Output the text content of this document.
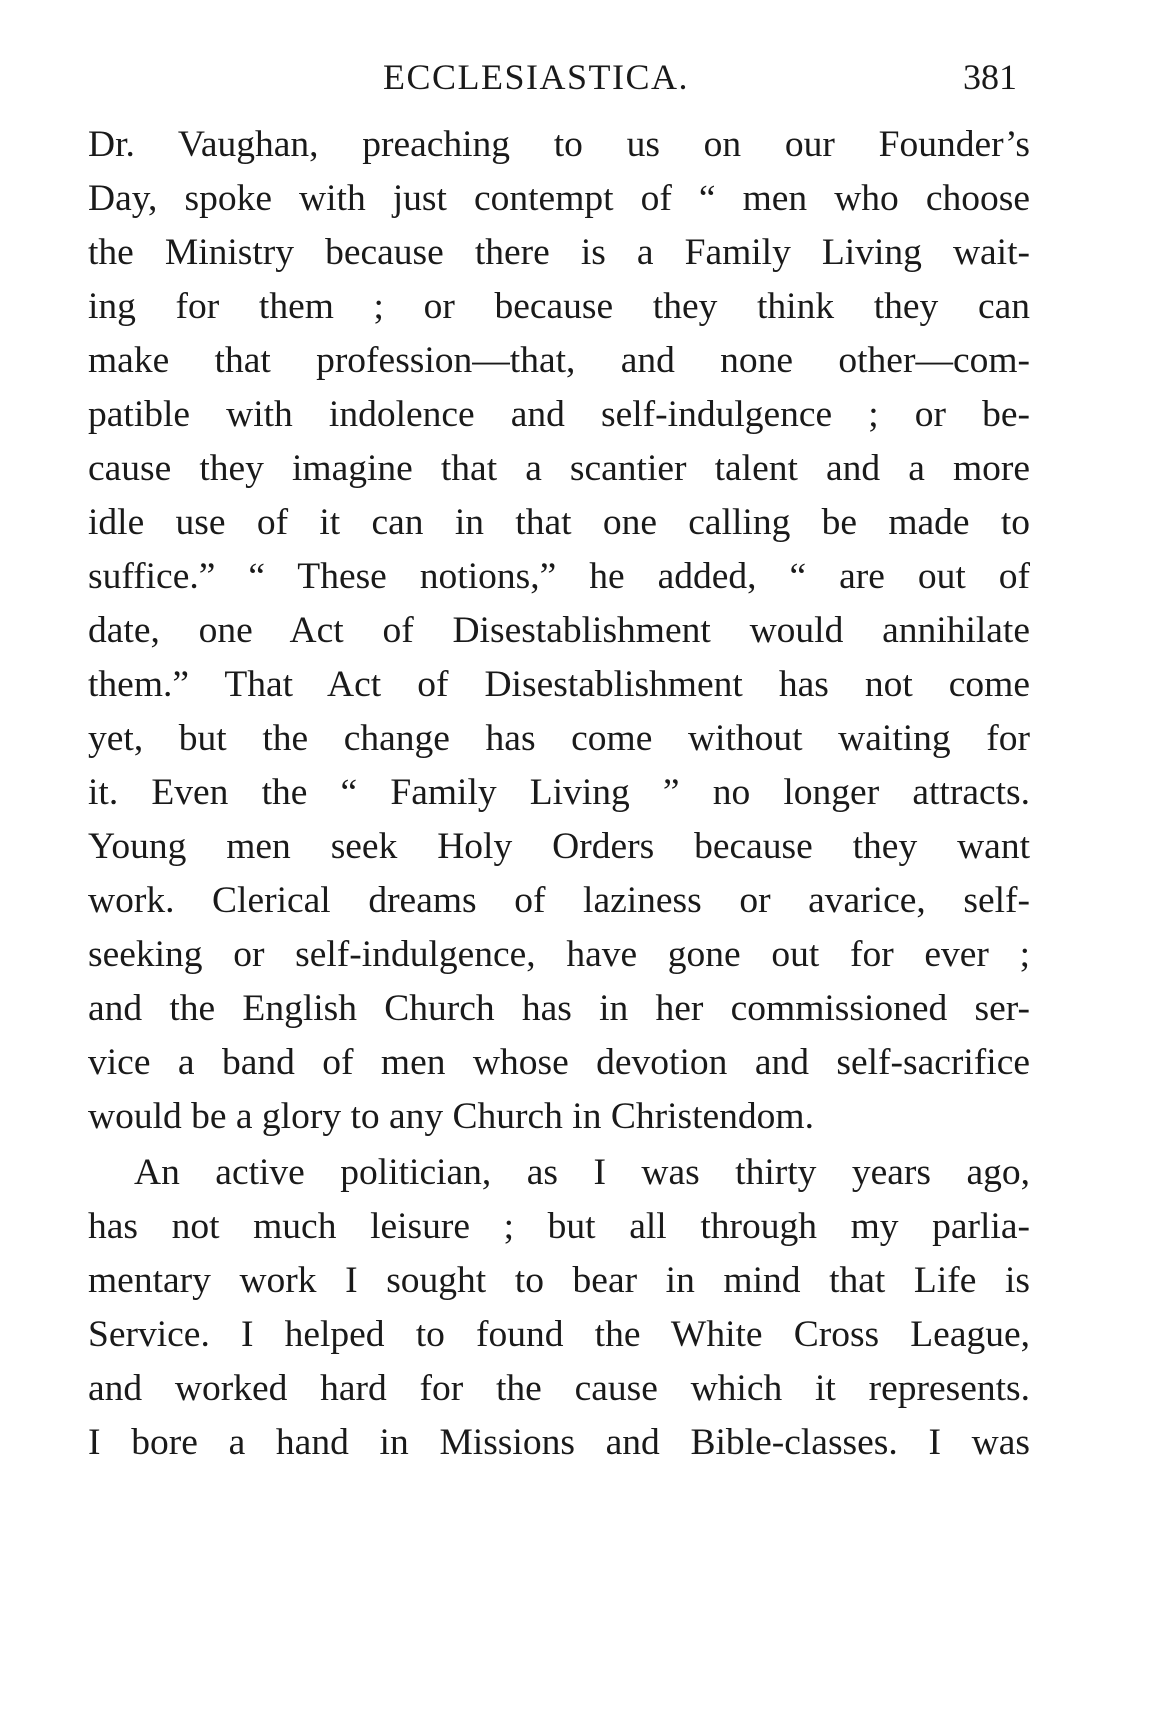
ECCLESIASTICA.	381
Dr. Vaughan, preaching to us on our Founder’s
Day, spoke with just contempt of “ men who choose
the Ministry because there is a Family Living wait-
ing for them ; or because they think they can
make that profession—that, and none other—com-
patible with indolence and self-indulgence ; or be-
cause they imagine that a scantier talent and a more
idle use of it can in that one calling be made to
suffice.” “ These notions,” he added, “ are out of
date, one Act of Disestablishment would annihilate
them.” That Act of Disestablishment has not come
yet, but the change has come without waiting for
it. Even the “ Family Living ” no longer attracts.
Young men seek Holy Orders because they want
work. Clerical dreams of laziness or avarice, self-
seeking or self-indulgence, have gone out for ever ;
and the English Church has in her commissioned ser-
vice a band of men whose devotion and self-sacrifice
would be a glory to any Church in Christendom.
An active politician, as I was thirty years ago,
has not much leisure ; but all through my parlia-
mentary work I sought to bear in mind that Life is
Service. I helped to found the White Cross League,
and worked hard for the cause which it represents.
I bore a hand in Missions and Bible-classes. I was
